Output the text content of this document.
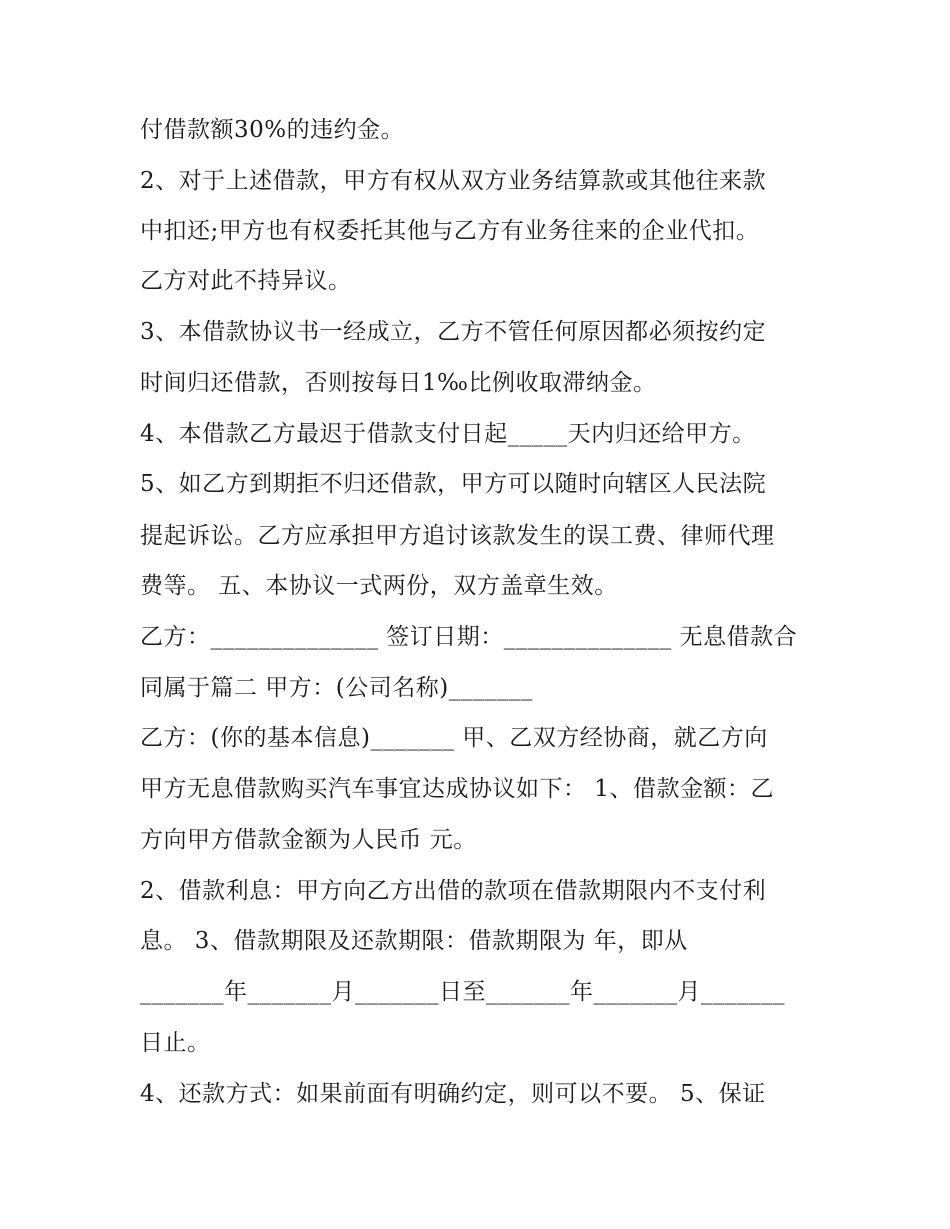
付借款额30%的违约金。
2、对于上述借款，甲方有权从双方业务结算款或其他往来款
中扣还;甲方也有权委托其他与乙方有业务往来的企业代扣。
乙方对此不持异议。
3、本借款协议书一经成立，乙方不管任何原因都必须按约定
时间归还借款，否则按每日1‰比例收取滞纳金。
4、本借款乙方最迟于借款支付日起_____天内归还给甲方。
5、如乙方到期拒不归还借款，甲方可以随时向辖区人民法院
提起诉讼。乙方应承担甲方追讨该款发生的误工费、律师代理
费等。 五、本协议一式两份，双方盖章生效。
乙方：______________ 签订日期：______________ 无息借款合
同属于篇二 甲方：(公司名称)_______
乙方：(你的基本信息)_______ 甲、乙双方经协商，就乙方向
甲方无息借款购买汽车事宜达成协议如下： 1、借款金额：乙
方向甲方借款金额为人民币 元。
2、借款利息：甲方向乙方出借的款项在借款期限内不支付利
息。 3、借款期限及还款期限：借款期限为 年，即从
_______年_______月_______日至_______年_______月_______
日止。
4、还款方式：如果前面有明确约定，则可以不要。 5、保证
